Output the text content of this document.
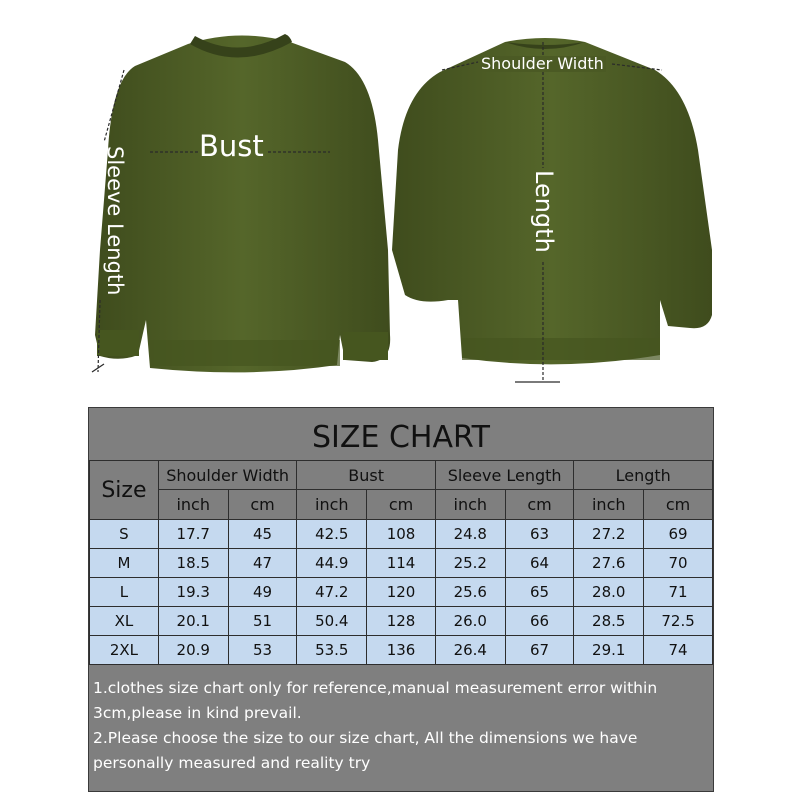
Bust
Sleeve Length
Shoulder Width
Length
SIZE CHART
Size	Shoulder Width		Bust		Sleeve Length		Length	
	inch	cm	inch	cm	inch	cm	inch	cm
S	17.7	45	42.5	108	24.8	63	27.2	69
M	18.5	47	44.9	114	25.2	64	27.6	70
L	19.3	49	47.2	120	25.6	65	28.0	71
XL	20.1	51	50.4	128	26.0	66	28.5	72.5
2XL	20.9	53	53.5	136	26.4	67	29.1	74

1.clothes size chart only for reference,manual measurement error within 3cm,please in kind prevail.

2.Please choose the size to our size chart, All the dimensions we have personally measured and reality try
